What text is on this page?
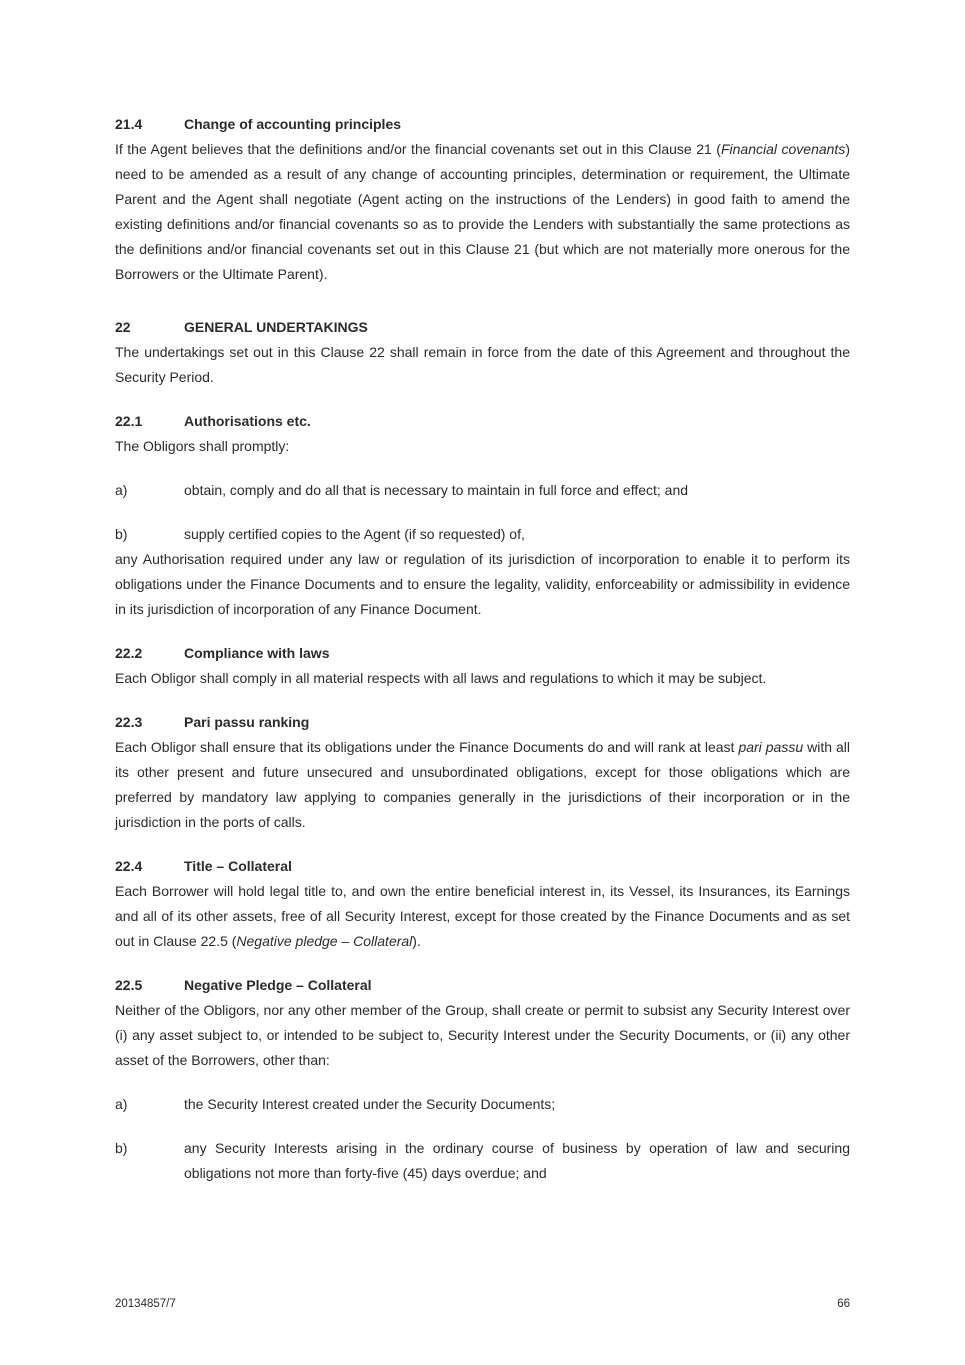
21.4	Change of accounting principles

If the Agent believes that the definitions and/or the financial covenants set out in this Clause 21 (Financial covenants) need to be amended as a result of any change of accounting principles, determination or requirement, the Ultimate Parent and the Agent shall negotiate (Agent acting on the instructions of the Lenders) in good faith to amend the existing definitions and/or financial covenants so as to provide the Lenders with substantially the same protections as the definitions and/or financial covenants set out in this Clause 21 (but which are not materially more onerous for the Borrowers or the Ultimate Parent).

22	GENERAL UNDERTAKINGS

The undertakings set out in this Clause 22 shall remain in force from the date of this Agreement and throughout the Security Period.

22.1	Authorisations etc.

The Obligors shall promptly:

a)	obtain, comply and do all that is necessary to maintain in full force and effect; and
b)	supply certified copies to the Agent (if so requested) of,

any Authorisation required under any law or regulation of its jurisdiction of incorporation to enable it to perform its obligations under the Finance Documents and to ensure the legality, validity, enforceability or admissibility in evidence in its jurisdiction of incorporation of any Finance Document.

22.2	Compliance with laws

Each Obligor shall comply in all material respects with all laws and regulations to which it may be subject.

22.3	Pari passu ranking

Each Obligor shall ensure that its obligations under the Finance Documents do and will rank at least pari passu with all its other present and future unsecured and unsubordinated obligations, except for those obligations which are preferred by mandatory law applying to companies generally in the jurisdictions of their incorporation or in the jurisdiction in the ports of calls.

22.4	Title – Collateral

Each Borrower will hold legal title to, and own the entire beneficial interest in, its Vessel, its Insurances, its Earnings and all of its other assets, free of all Security Interest, except for those created by the Finance Documents and as set out in Clause 22.5 (Negative pledge – Collateral).

22.5	Negative Pledge – Collateral

Neither of the Obligors, nor any other member of the Group, shall create or permit to subsist any Security Interest over (i) any asset subject to, or intended to be subject to, Security Interest under the Security Documents, or (ii) any other asset of the Borrowers, other than:

a)	the Security Interest created under the Security Documents;
b)	any Security Interests arising in the ordinary course of business by operation of law and securing obligations not more than forty-five (45) days overdue; and
20134857/7	66
